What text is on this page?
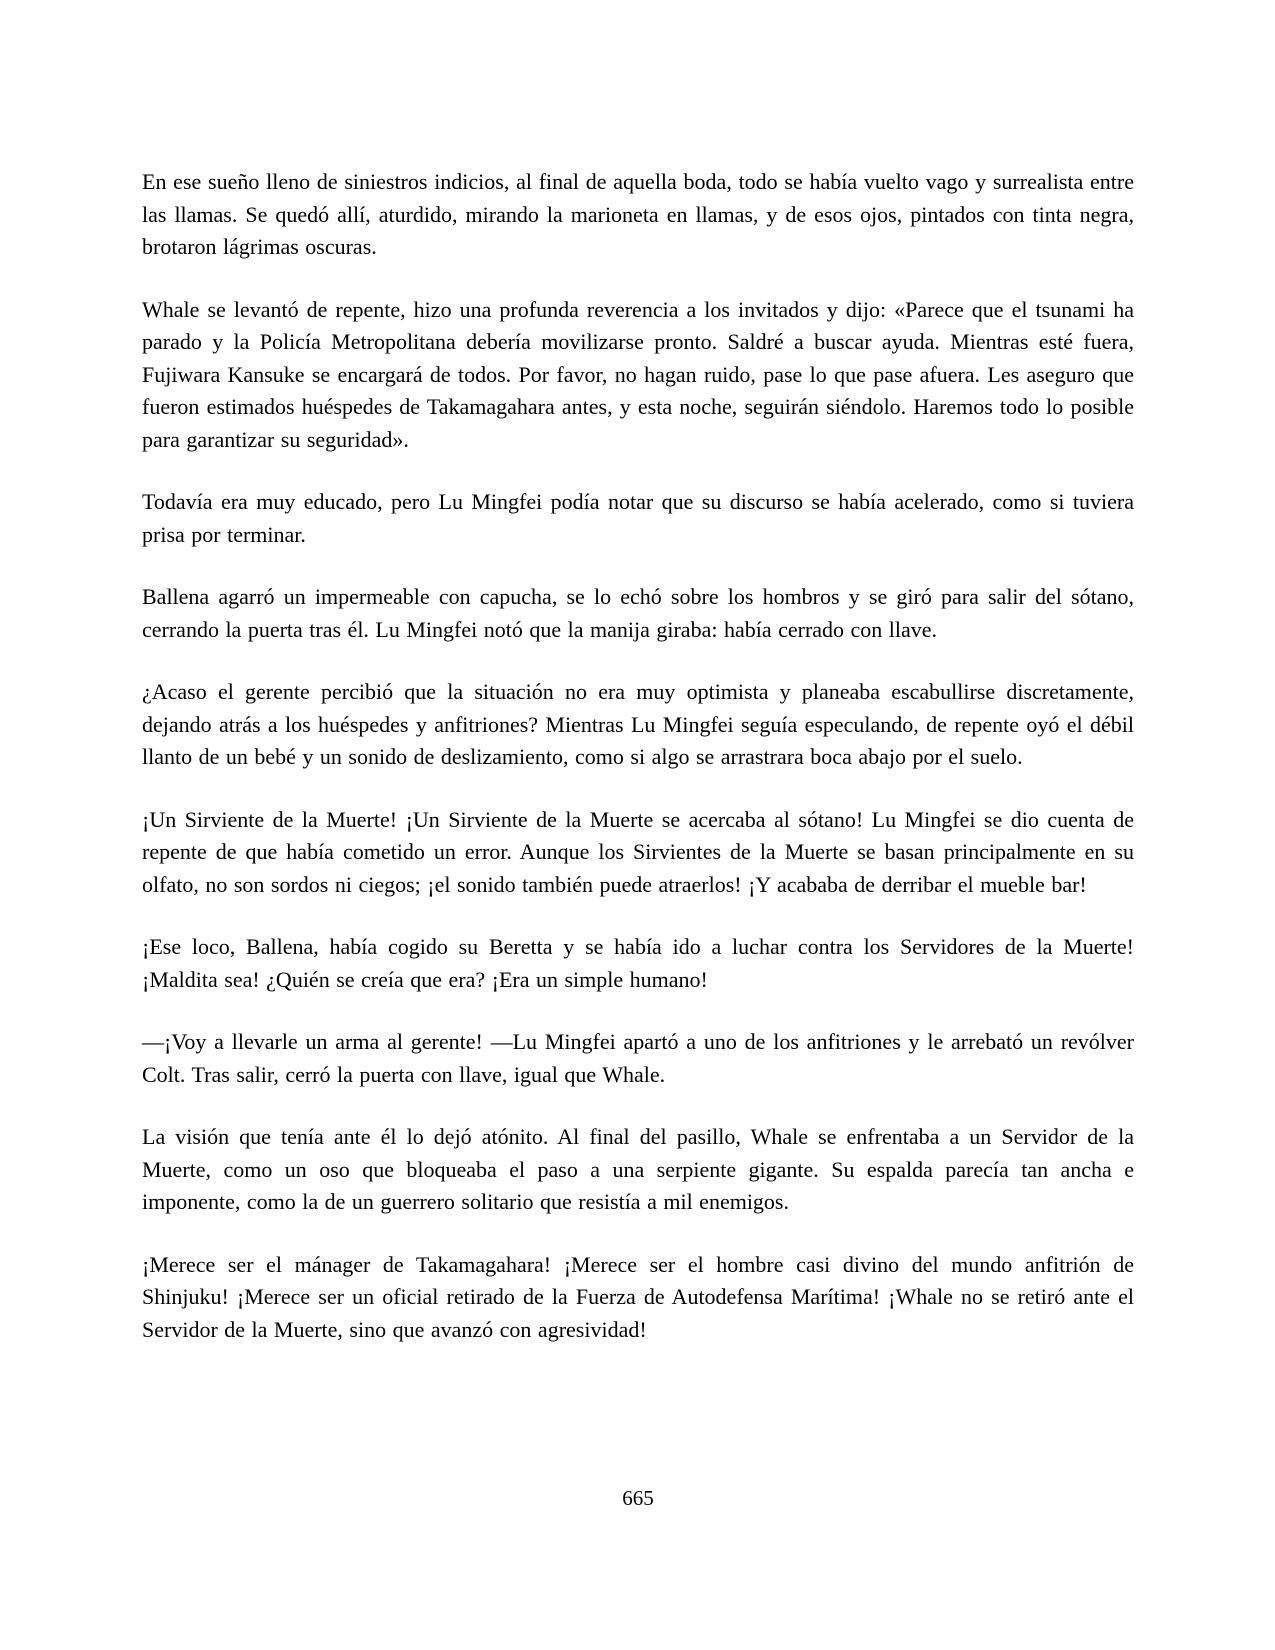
En ese sueño lleno de siniestros indicios, al final de aquella boda, todo se había vuelto vago y surrealista entre las llamas. Se quedó allí, aturdido, mirando la marioneta en llamas, y de esos ojos, pintados con tinta negra, brotaron lágrimas oscuras.

Whale se levantó de repente, hizo una profunda reverencia a los invitados y dijo: «Parece que el tsunami ha parado y la Policía Metropolitana debería movilizarse pronto. Saldré a buscar ayuda. Mientras esté fuera, Fujiwara Kansuke se encargará de todos. Por favor, no hagan ruido, pase lo que pase afuera. Les aseguro que fueron estimados huéspedes de Takamagahara antes, y esta noche, seguirán siéndolo. Haremos todo lo posible para garantizar su seguridad».

Todavía era muy educado, pero Lu Mingfei podía notar que su discurso se había acelerado, como si tuviera prisa por terminar.

Ballena agarró un impermeable con capucha, se lo echó sobre los hombros y se giró para salir del sótano, cerrando la puerta tras él. Lu Mingfei notó que la manija giraba: había cerrado con llave.

¿Acaso el gerente percibió que la situación no era muy optimista y planeaba escabullirse discretamente, dejando atrás a los huéspedes y anfitriones? Mientras Lu Mingfei seguía especulando, de repente oyó el débil llanto de un bebé y un sonido de deslizamiento, como si algo se arrastrara boca abajo por el suelo.

¡Un Sirviente de la Muerte! ¡Un Sirviente de la Muerte se acercaba al sótano! Lu Mingfei se dio cuenta de repente de que había cometido un error. Aunque los Sirvientes de la Muerte se basan principalmente en su olfato, no son sordos ni ciegos; ¡el sonido también puede atraerlos! ¡Y acababa de derribar el mueble bar!

¡Ese loco, Ballena, había cogido su Beretta y se había ido a luchar contra los Servidores de la Muerte! ¡Maldita sea! ¿Quién se creía que era? ¡Era un simple humano!

—¡Voy a llevarle un arma al gerente! —Lu Mingfei apartó a uno de los anfitriones y le arrebató un revólver Colt. Tras salir, cerró la puerta con llave, igual que Whale.

La visión que tenía ante él lo dejó atónito. Al final del pasillo, Whale se enfrentaba a un Servidor de la Muerte, como un oso que bloqueaba el paso a una serpiente gigante. Su espalda parecía tan ancha e imponente, como la de un guerrero solitario que resistía a mil enemigos.

¡Merece ser el mánager de Takamagahara! ¡Merece ser el hombre casi divino del mundo anfitrión de Shinjuku! ¡Merece ser un oficial retirado de la Fuerza de Autodefensa Marítima! ¡Whale no se retiró ante el Servidor de la Muerte, sino que avanzó con agresividad!

665
